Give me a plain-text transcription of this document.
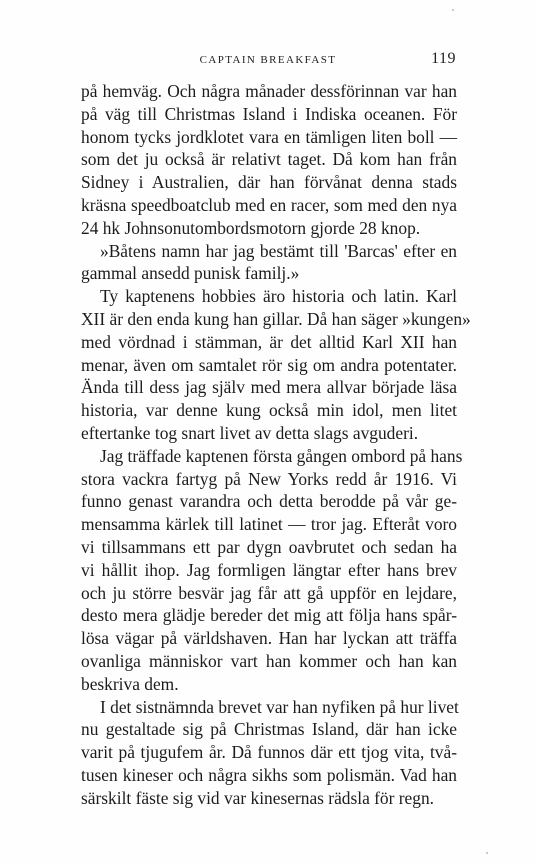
CAPTAIN BREAKFAST	119
på hemväg. Och några månader dessförinnan var han
på väg till Christmas Island i Indiska oceanen. För
honom tycks jordklotet vara en tämligen liten boll —
som det ju också är relativt taget. Då kom han från
Sidney i Australien, där han förvånat denna stads
kräsna speedboatclub med en racer, som med den nya
24 hk Johnsonutombordsmotorn gjorde 28 knop.
»Båtens namn har jag bestämt till 'Barcas' efter en
gammal ansedd punisk familj.»
Ty kaptenens hobbies äro historia och latin. Karl
XII är den enda kung han gillar. Då han säger »kungen»
med vördnad i stämman, är det alltid Karl XII han
menar, även om samtalet rör sig om andra potentater.
Ända till dess jag själv med mera allvar började läsa
historia, var denne kung också min idol, men litet
eftertanke tog snart livet av detta slags avguderi.
Jag träffade kaptenen första gången ombord på hans
stora vackra fartyg på New Yorks redd år 1916. Vi
funno genast varandra och detta berodde på vår ge-
mensamma kärlek till latinet — tror jag. Efteråt voro
vi tillsammans ett par dygn oavbrutet och sedan ha
vi hållit ihop. Jag formligen längtar efter hans brev
och ju större besvär jag får att gå uppför en lejdare,
desto mera glädje bereder det mig att följa hans spår-
lösa vägar på världshaven. Han har lyckan att träffa
ovanliga människor vart han kommer och han kan
beskriva dem.
I det sistnämnda brevet var han nyfiken på hur livet
nu gestaltade sig på Christmas Island, där han icke
varit på tjugufem år. Då funnos där ett tjog vita, två-
tusen kineser och några sikhs som polismän. Vad han
särskilt fäste sig vid var kinesernas rädsla för regn.
